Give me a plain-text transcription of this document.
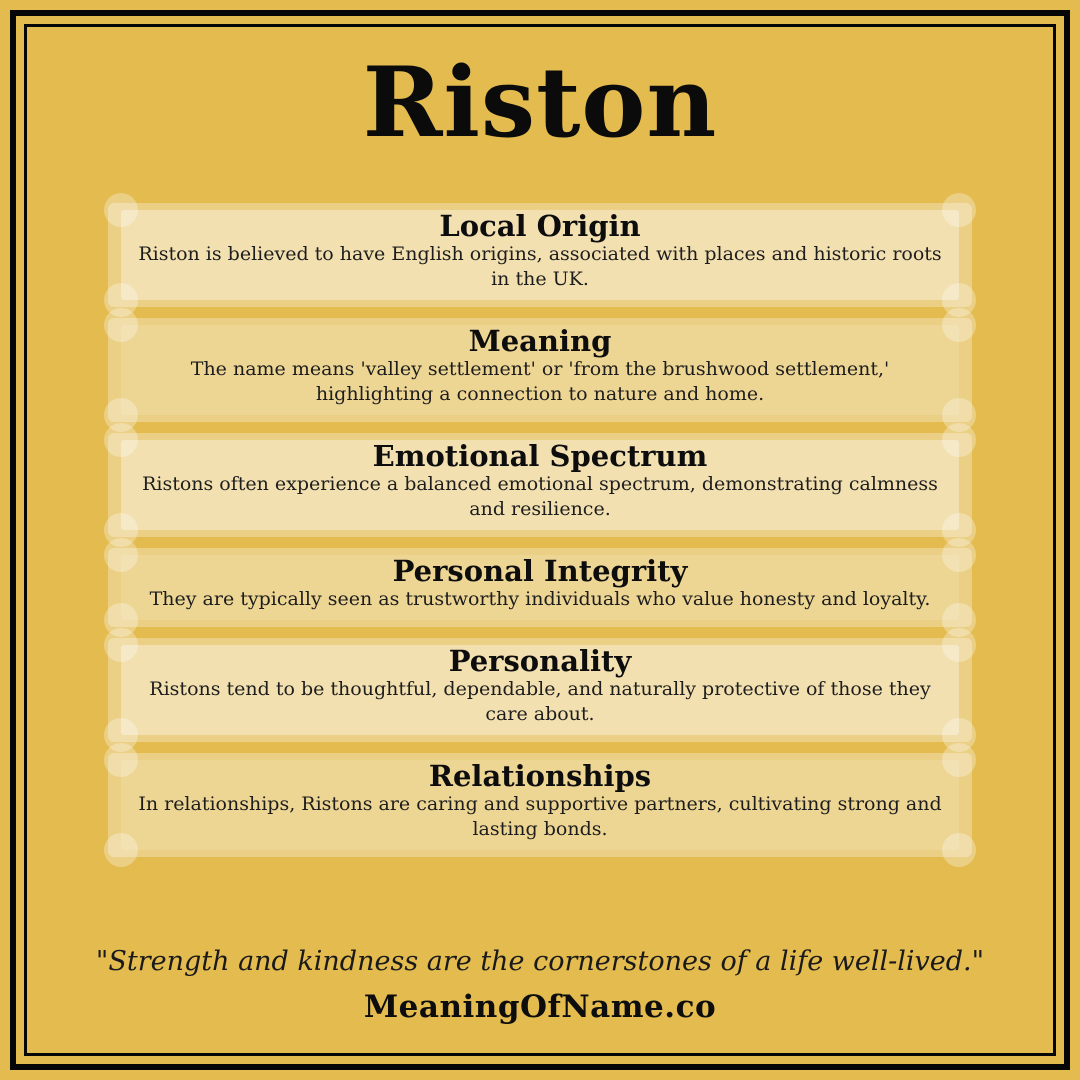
Riston
Local Origin

Riston is believed to have English origins, associated with places and historic roots in the UK.

Meaning

The name means 'valley settlement' or 'from the brushwood settlement,' highlighting a connection to nature and home.

Emotional Spectrum

Ristons often experience a balanced emotional spectrum, demonstrating calmness and resilience.

Personal Integrity

They are typically seen as trustworthy individuals who value honesty and loyalty.

Personality

Ristons tend to be thoughtful, dependable, and naturally protective of those they care about.

Relationships

In relationships, Ristons are caring and supportive partners, cultivating strong and lasting bonds.

"Strength and kindness are the cornerstones of a life well-lived."

MeaningOfName.co
